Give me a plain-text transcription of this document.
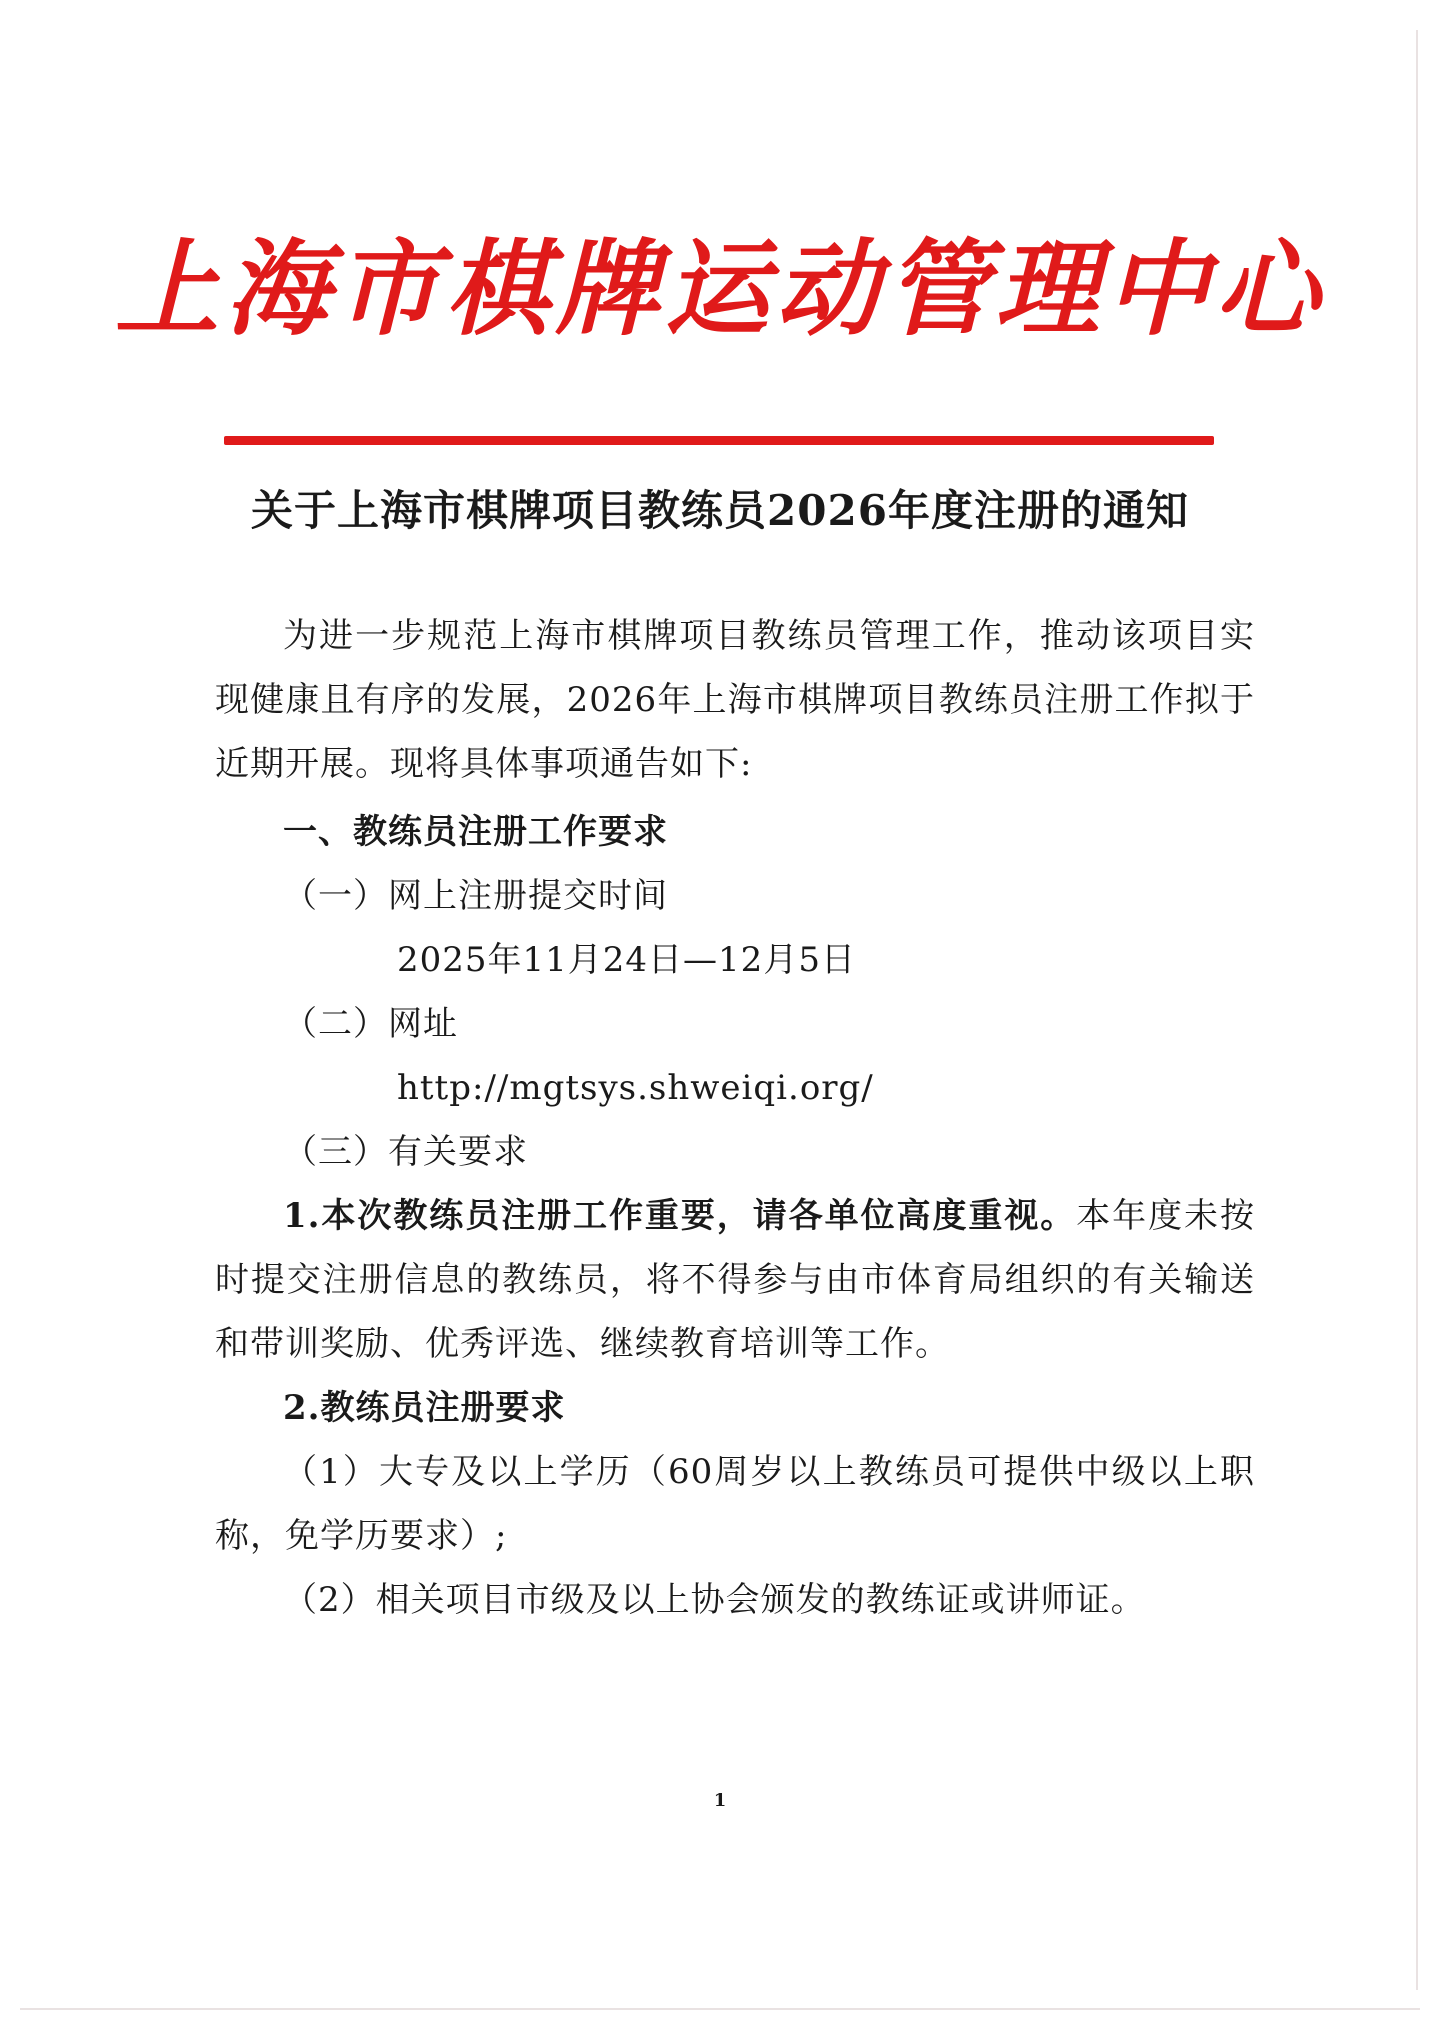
上海市棋牌运动管理中心
关于上海市棋牌项目教练员2026年度注册的通知

为进一步规范上海市棋牌项目教练员管理工作，推动该项目实现健康且有序的发展，2026年上海市棋牌项目教练员注册工作拟于近期开展。现将具体事项通告如下:

一、教练员注册工作要求
（一）网上注册提交时间
2025年11月24日—12月5日
（二）网址
http://mgtsys.shweiqi.org/
（三）有关要求

1.本次教练员注册工作重要，请各单位高度重视。本年度未按时提交注册信息的教练员，将不得参与由市体育局组织的有关输送和带训奖励、优秀评选、继续教育培训等工作。

2.教练员注册要求

（1）大专及以上学历（60周岁以上教练员可提供中级以上职称，免学历要求）;

（2）相关项目市级及以上协会颁发的教练证或讲师证。
1
